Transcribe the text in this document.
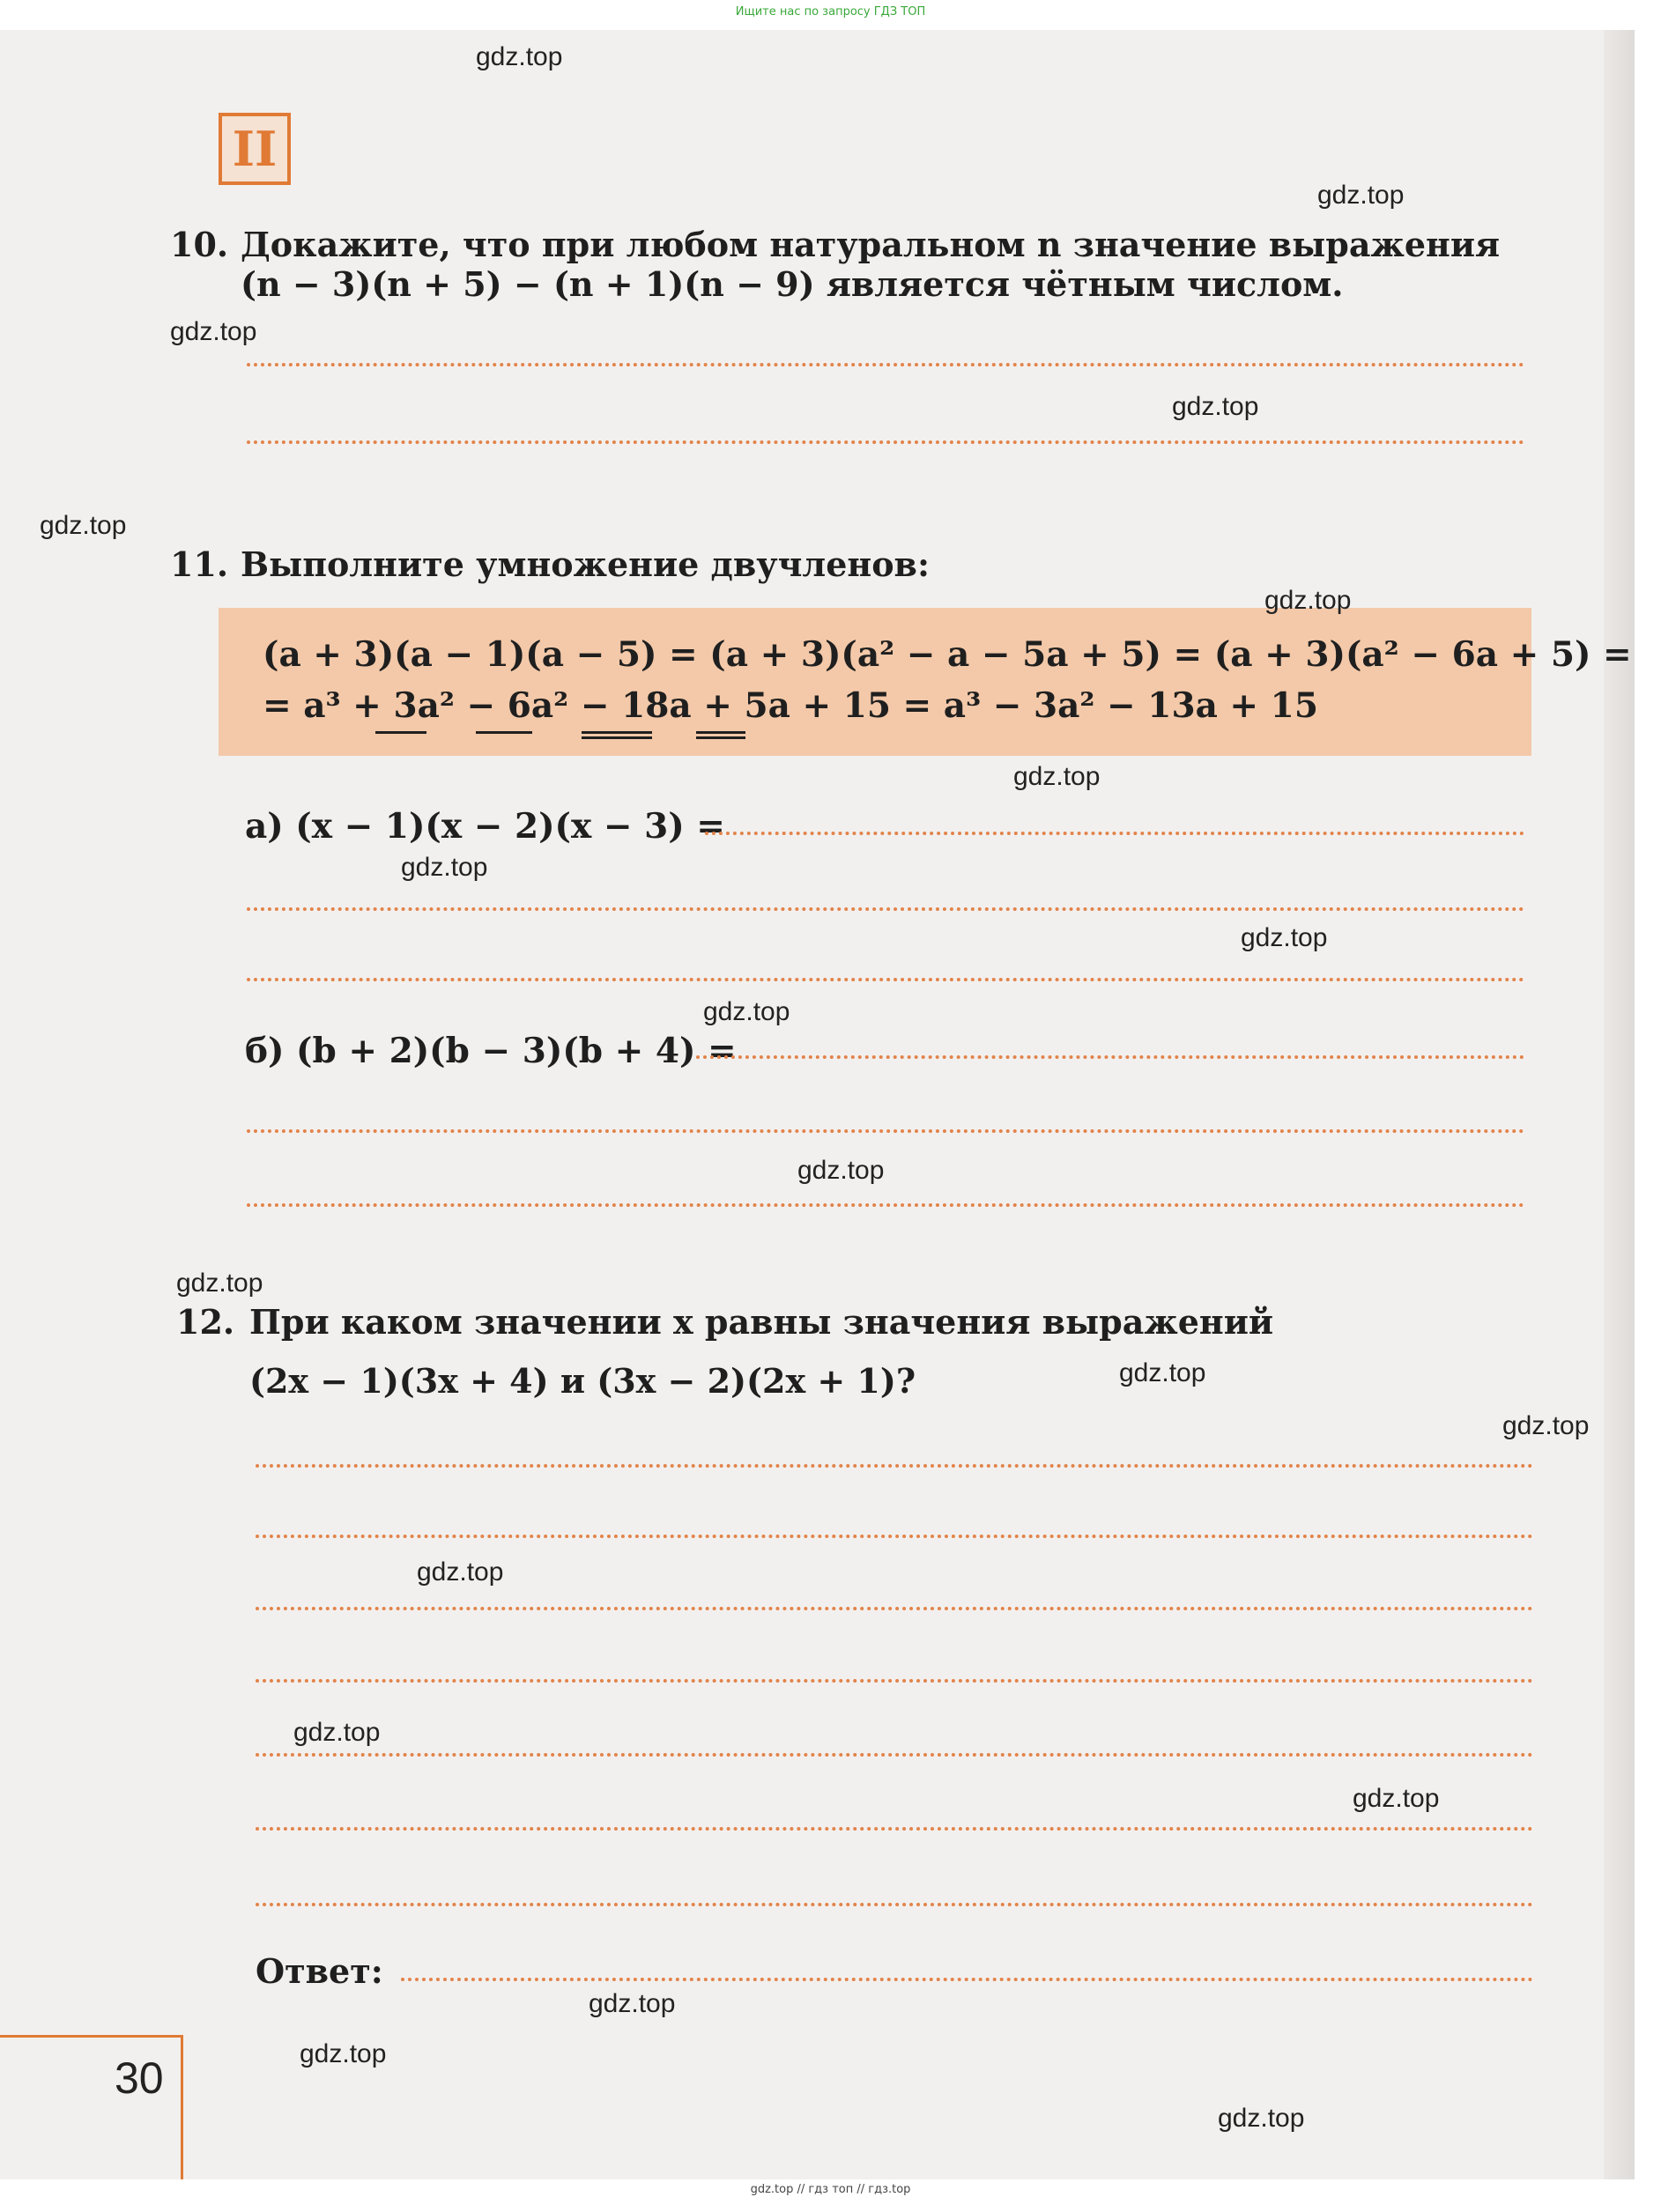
Ищите нас по запросу ГДЗ ТОП
II
Докажите, что при любом натуральном n значение выражения
10.
(n − 3)(n + 5) − (n + 1)(n − 9) является чётным числом.
11. Выполните умножение двучленов:
(a + 3)(a − 1)(a − 5) = (a + 3)(a² − a − 5a + 5) = (a + 3)(a² − 6a + 5) =
= a³ + 3a² − 6a² − 18a + 5a + 15 = a³ − 3a² − 13a + 15
а) (x − 1)(x − 2)(x − 3) =
б) (b + 2)(b − 3)(b + 4) =
12. При каком значении x равны значения выражений
(2x − 1)(3x + 4) и (3x − 2)(2x + 1)?
Ответ:
30
gdz.top
gdz.top
gdz.top
gdz.top
gdz.top
gdz.top
gdz.top
gdz.top
gdz.top
gdz.top
gdz.top
gdz.top
gdz.top
gdz.top
gdz.top
gdz.top
gdz.top
gdz.top
gdz.top
gdz.top
gdz.top // гдз топ // гдз.top
